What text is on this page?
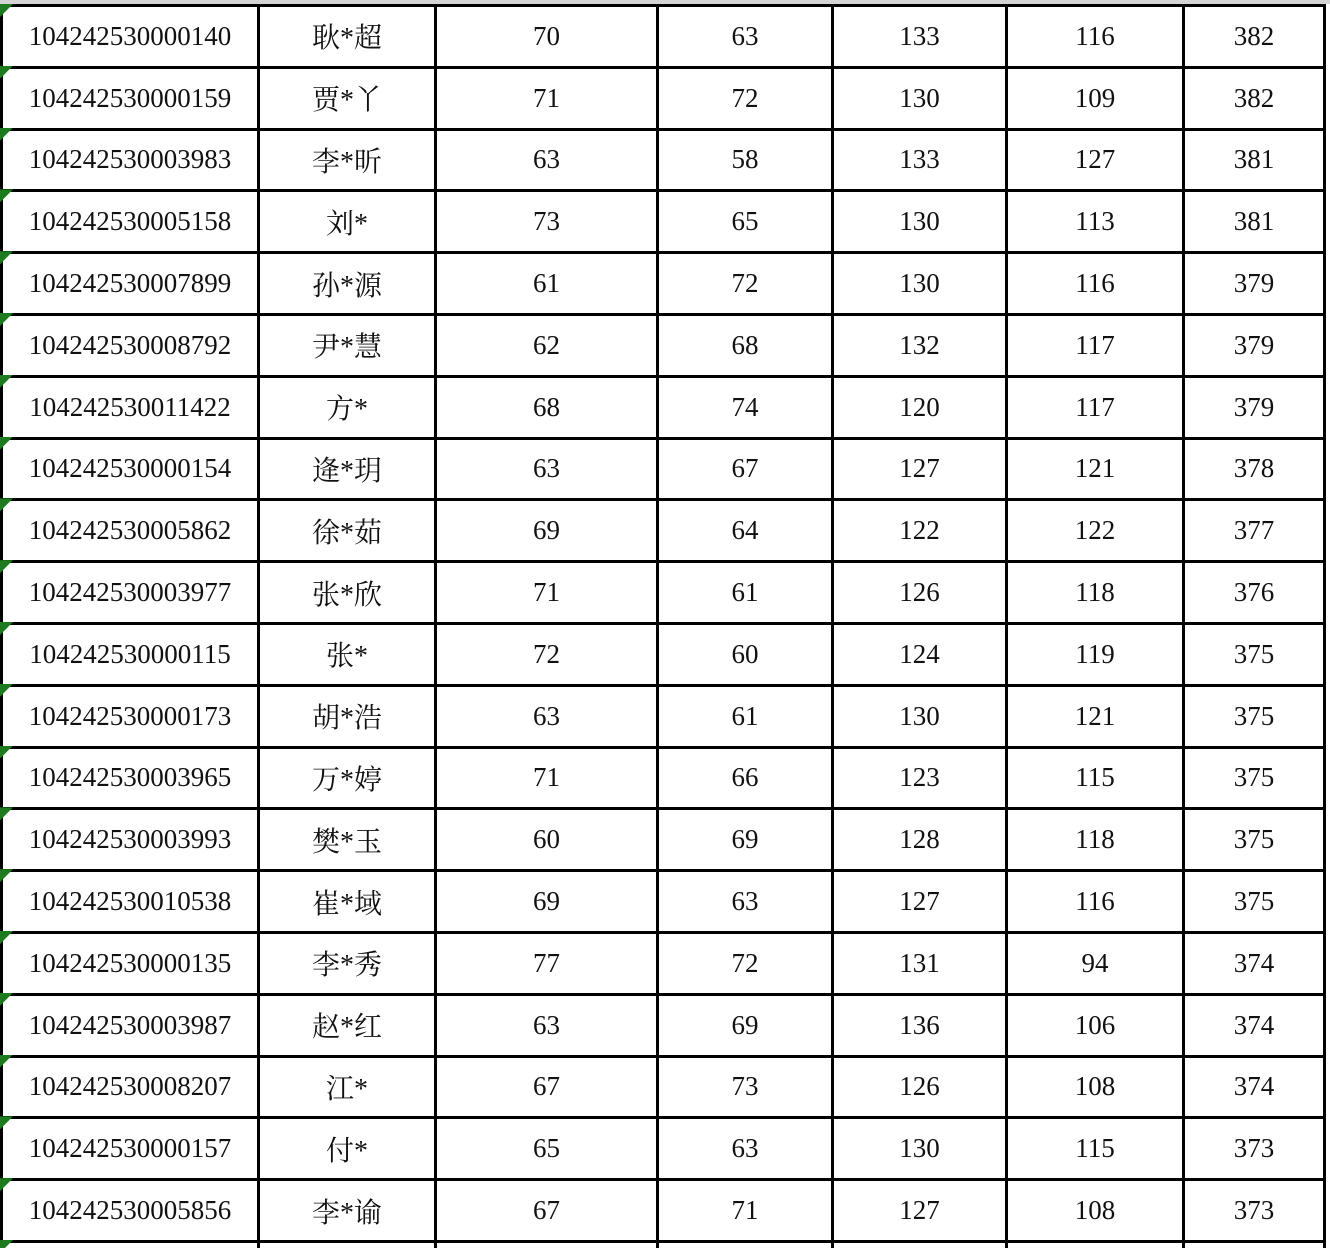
104242530000140	耿*超	70	63	133	116	382
104242530000159	贾*丫	71	72	130	109	382
104242530003983	李*昕	63	58	133	127	381
104242530005158	刘*	73	65	130	113	381
104242530007899	孙*源	61	72	130	116	379
104242530008792	尹*慧	62	68	132	117	379
104242530011422	方*	68	74	120	117	379
104242530000154	逄*玥	63	67	127	121	378
104242530005862	徐*茹	69	64	122	122	377
104242530003977	张*欣	71	61	126	118	376
104242530000115	张*	72	60	124	119	375
104242530000173	胡*浩	63	61	130	121	375
104242530003965	万*婷	71	66	123	115	375
104242530003993	樊*玉	60	69	128	118	375
104242530010538	崔*域	69	63	127	116	375
104242530000135	李*秀	77	72	131	94	374
104242530003987	赵*红	63	69	136	106	374
104242530008207	江*	67	73	126	108	374
104242530000157	付*	65	63	130	115	373
104242530005856	李*谕	67	71	127	108	373
